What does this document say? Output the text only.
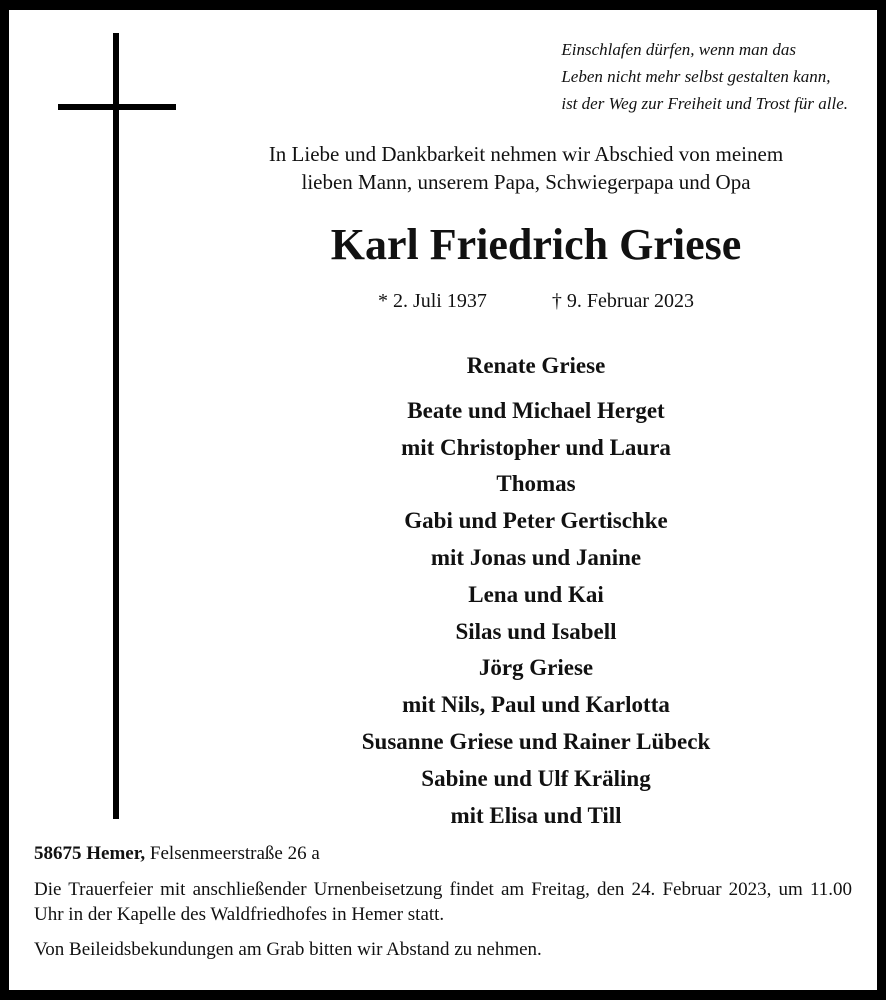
Einschlafen dürfen, wenn man das
Leben nicht mehr selbst gestalten kann,
ist der Weg zur Freiheit und Trost für alle.
In Liebe und Dankbarkeit nehmen wir Abschied von meinem
lieben Mann, unserem Papa, Schwiegerpapa und Opa
Karl Friedrich Griese
* 2. Juli 1937	† 9. Februar 2023
Renate Griese
Beate und Michael Herget
mit Christopher und Laura
Thomas
Gabi und Peter Gertischke
mit Jonas und Janine
Lena und Kai
Silas und Isabell
Jörg Griese
mit Nils, Paul und Karlotta
Susanne Griese und Rainer Lübeck
Sabine und Ulf Kräling
mit Elisa und Till

58675 Hemer, Felsenmeerstraße 26 a

Die Trauerfeier mit anschließender Urnenbeisetzung findet am Freitag, den 24. Februar 2023, um 11.00 Uhr in der Kapelle des Waldfriedhofes in Hemer statt.

Von Beileidsbekundungen am Grab bitten wir Abstand zu nehmen.
